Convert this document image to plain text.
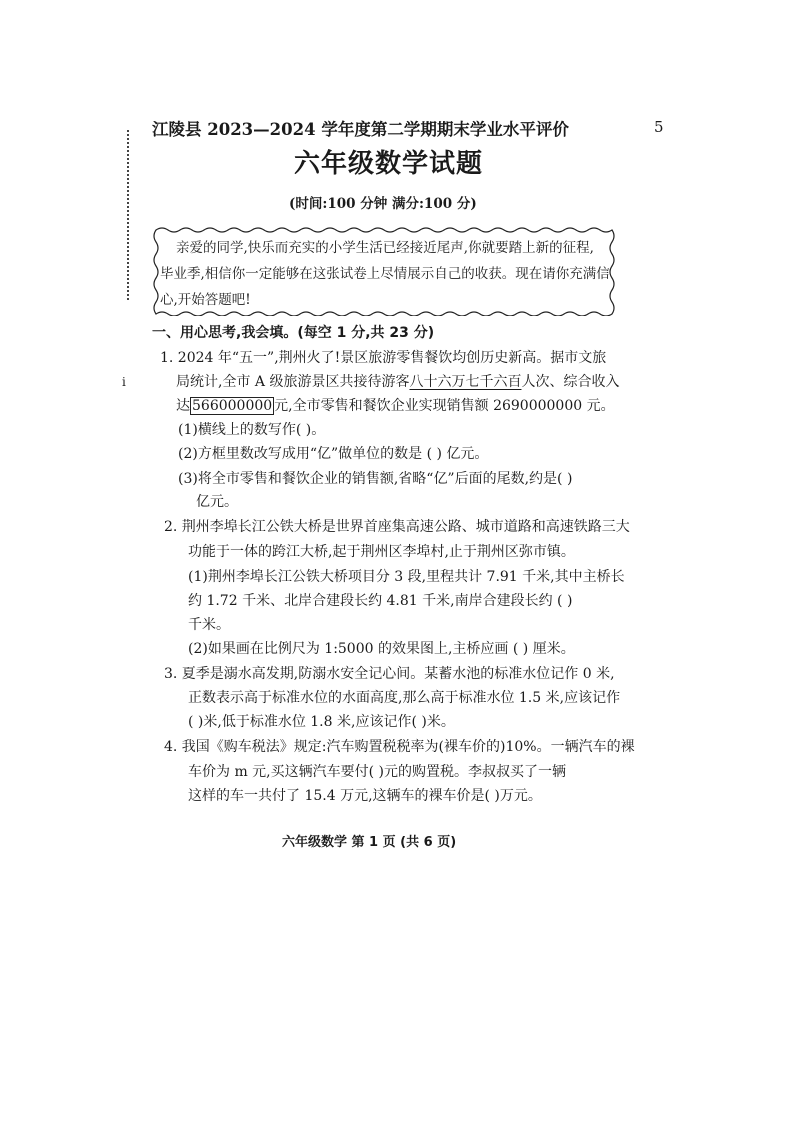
ⅰ
江陵县 2023—2024 学年度第二学期期末学业水平评价	5
六年级数学试题
(时间:100 分钟 满分:100 分)
亲爱的同学,快乐而充实的小学生活已经接近尾声,你就要踏上新的征程,
毕业季,相信你一定能够在这张试卷上尽情展示自己的收获。现在请你充满信
心,开始答题吧!
一、用心思考,我会填。(每空 1 分,共 23 分)
1. 2024 年“五一”,荆州火了!景区旅游零售餐饮均创历史新高。据市文旅
局统计,全市 A 级旅游景区共接待游客八十六万七千六百人次、综合收入
达 566000000 元,全市零售和餐饮企业实现销售额 2690000000 元。
(1)横线上的数写作( )。
(2)方框里数改写成用“亿”做单位的数是 ( ) 亿元。
(3)将全市零售和餐饮企业的销售额,省略“亿”后面的尾数,约是( )
亿元。
2. 荆州李埠长江公铁大桥是世界首座集高速公路、城市道路和高速铁路三大
功能于一体的跨江大桥,起于荆州区李埠村,止于荆州区弥市镇。
(1)荆州李埠长江公铁大桥项目分 3 段,里程共计 7.91 千米,其中主桥长
约 1.72 千米、北岸合建段长约 4.81 千米,南岸合建段长约 ( )
千米。
(2)如果画在比例尺为 1:5000 的效果图上,主桥应画 ( ) 厘米。
3. 夏季是溺水高发期,防溺水安全记心间。某蓄水池的标准水位记作 0 米,
正数表示高于标准水位的水面高度,那么高于标准水位 1.5 米,应该记作
( )米,低于标准水位 1.8 米,应该记作( )米。
4. 我国《购车税法》规定:汽车购置税税率为(裸车价的)10%。一辆汽车的裸
车价为 m 元,买这辆汽车要付( )元的购置税。李叔叔买了一辆
这样的车一共付了 15.4 万元,这辆车的裸车价是( )万元。
六年级数学 第 1 页 (共 6 页)
